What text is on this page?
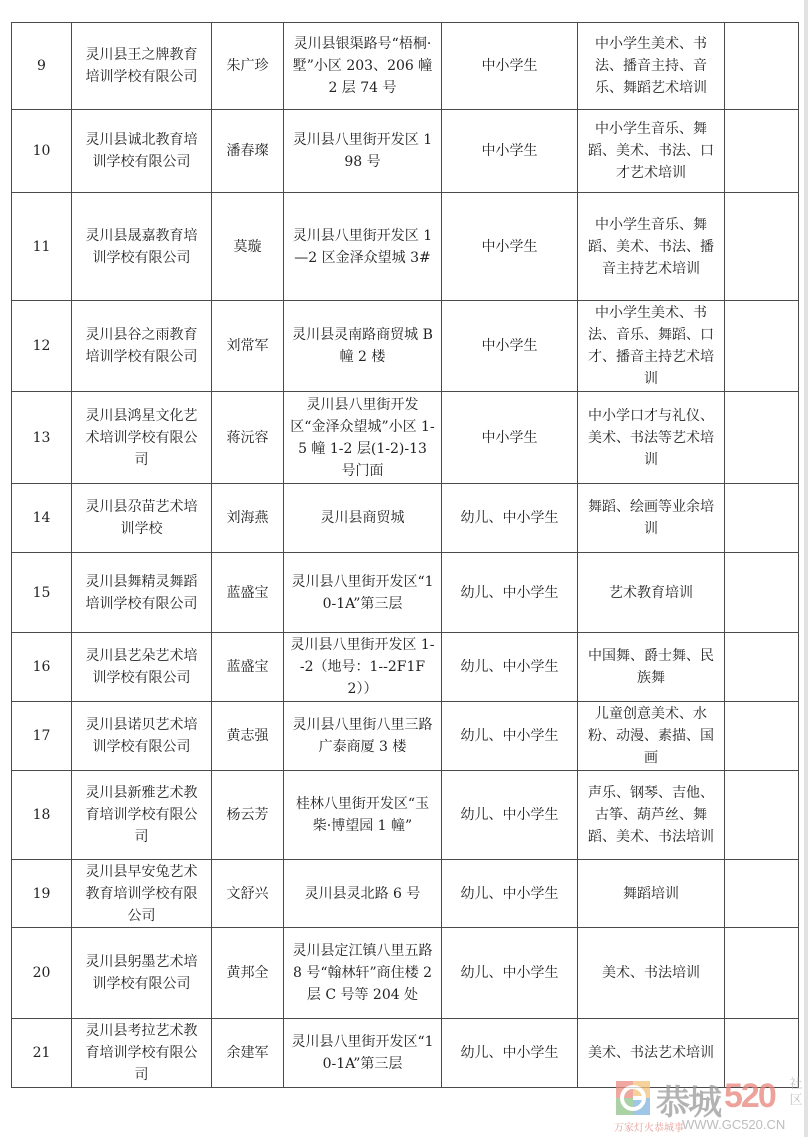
9	灵川县王之牌教育培训学校有限公司	朱广珍	灵川县银渠路号“梧桐·墅”小区 203、206 幢 2 层 74 号	中小学生	中小学生美术、书法、播音主持、音乐、舞蹈艺术培训	
10	灵川县诚北教育培训学校有限公司	潘春璨	灵川县八里街开发区 198 号	中小学生	中小学生音乐、舞蹈、美术、书法、口才艺术培训	
11	灵川县晟嘉教育培训学校有限公司	莫璇	灵川县八里街开发区 1—2 区金泽众望城 3#	中小学生	中小学生音乐、舞蹈、美术、书法、播音主持艺术培训	
12	灵川县谷之雨教育培训学校有限公司	刘常军	灵川县灵南路商贸城 B 幢 2 楼	中小学生	中小学生美术、书法、音乐、舞蹈、口才、播音主持艺术培训	
13	灵川县鸿星文化艺术培训学校有限公司	蒋沅容	灵川县八里街开发区“金泽众望城”小区 1-5 幢 1-2 层(1-2)-13 号门面	中小学生	中小学口才与礼仪、美术、书法等艺术培训	
14	灵川县尕苗艺术培训学校	刘海燕	灵川县商贸城	幼儿、中小学生	舞蹈、绘画等业余培训	
15	灵川县舞精灵舞蹈培训学校有限公司	蓝盛宝	灵川县八里街开发区“10-1A”第三层	幼儿、中小学生	艺术教育培训	
16	灵川县艺朵艺术培训学校有限公司	蓝盛宝	灵川县八里街开发区 1--2（地号：1--2F1F2））	幼儿、中小学生	中国舞、爵士舞、民族舞	
17	灵川县诺贝艺术培训学校有限公司	黄志强	灵川县八里街八里三路广泰商厦 3 楼	幼儿、中小学生	儿童创意美术、水粉、动漫、素描、国画	
18	灵川县新雅艺术教育培训学校有限公司	杨云芳	桂林八里街开发区“玉柴·博望园 1 幢”	幼儿、中小学生	声乐、钢琴、吉他、古筝、葫芦丝、舞蹈、美术、书法培训	
19	灵川县早安兔艺术教育培训学校有限公司	文舒兴	灵川县灵北路 6 号	幼儿、中小学生	舞蹈培训	
20	灵川县躬墨艺术培训学校有限公司	黄邦全	灵川县定江镇八里五路 8 号“翰林轩”商住楼 2 层 C 号等 204 处	幼儿、中小学生	美术、书法培训	
21	灵川县考拉艺术教育培训学校有限公司	余建军	灵川县八里街开发区“10-1A”第三层	幼儿、中小学生	美术、书法艺术培训	
恭城 520 社区
万家灯火恭城事
WWW.GC520.CN
